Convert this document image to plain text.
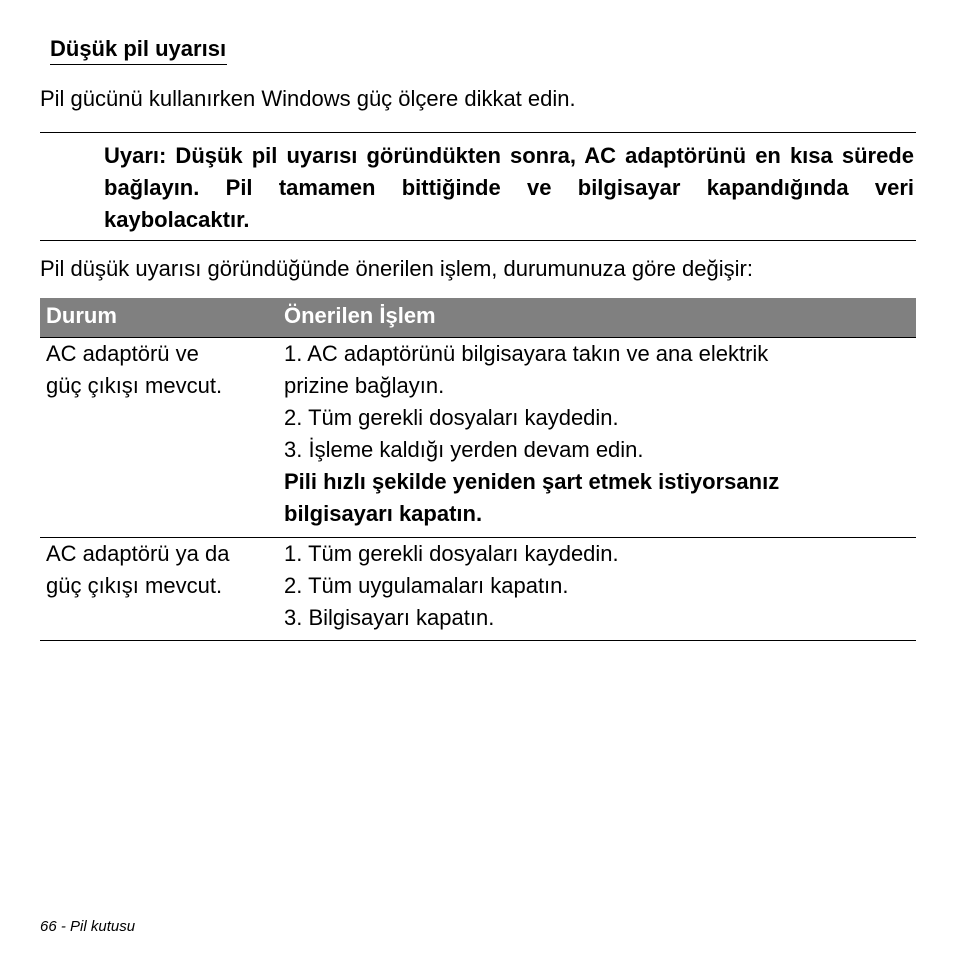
Düşük pil uyarısı

Pil gücünü kullanırken Windows güç ölçere dikkat edin.

Uyarı: Düşük pil uyarısı göründükten sonra, AC adaptörünü en kısa sürede bağlayın. Pil tamamen bittiğinde ve bilgisayar kapandığında veri kaybolacaktır.

Pil düşük uyarısı göründüğünde önerilen işlem, durumunuza göre değişir:

Durum	Önerilen İşlem
AC adaptörü ve
güç çıkışı mevcut.
1. AC adaptörünü bilgisayara takın ve ana elektrik
prizine bağlayın.
2. Tüm gerekli dosyaları kaydedin.
3. İşleme kaldığı yerden devam edin.
Pili hızlı şekilde yeniden şart etmek istiyorsanız
bilgisayarı kapatın.
AC adaptörü ya da
güç çıkışı mevcut.
1. Tüm gerekli dosyaları kaydedin.
2. Tüm uygulamaları kapatın.
3. Bilgisayarı kapatın.

66 - Pil kutusu
